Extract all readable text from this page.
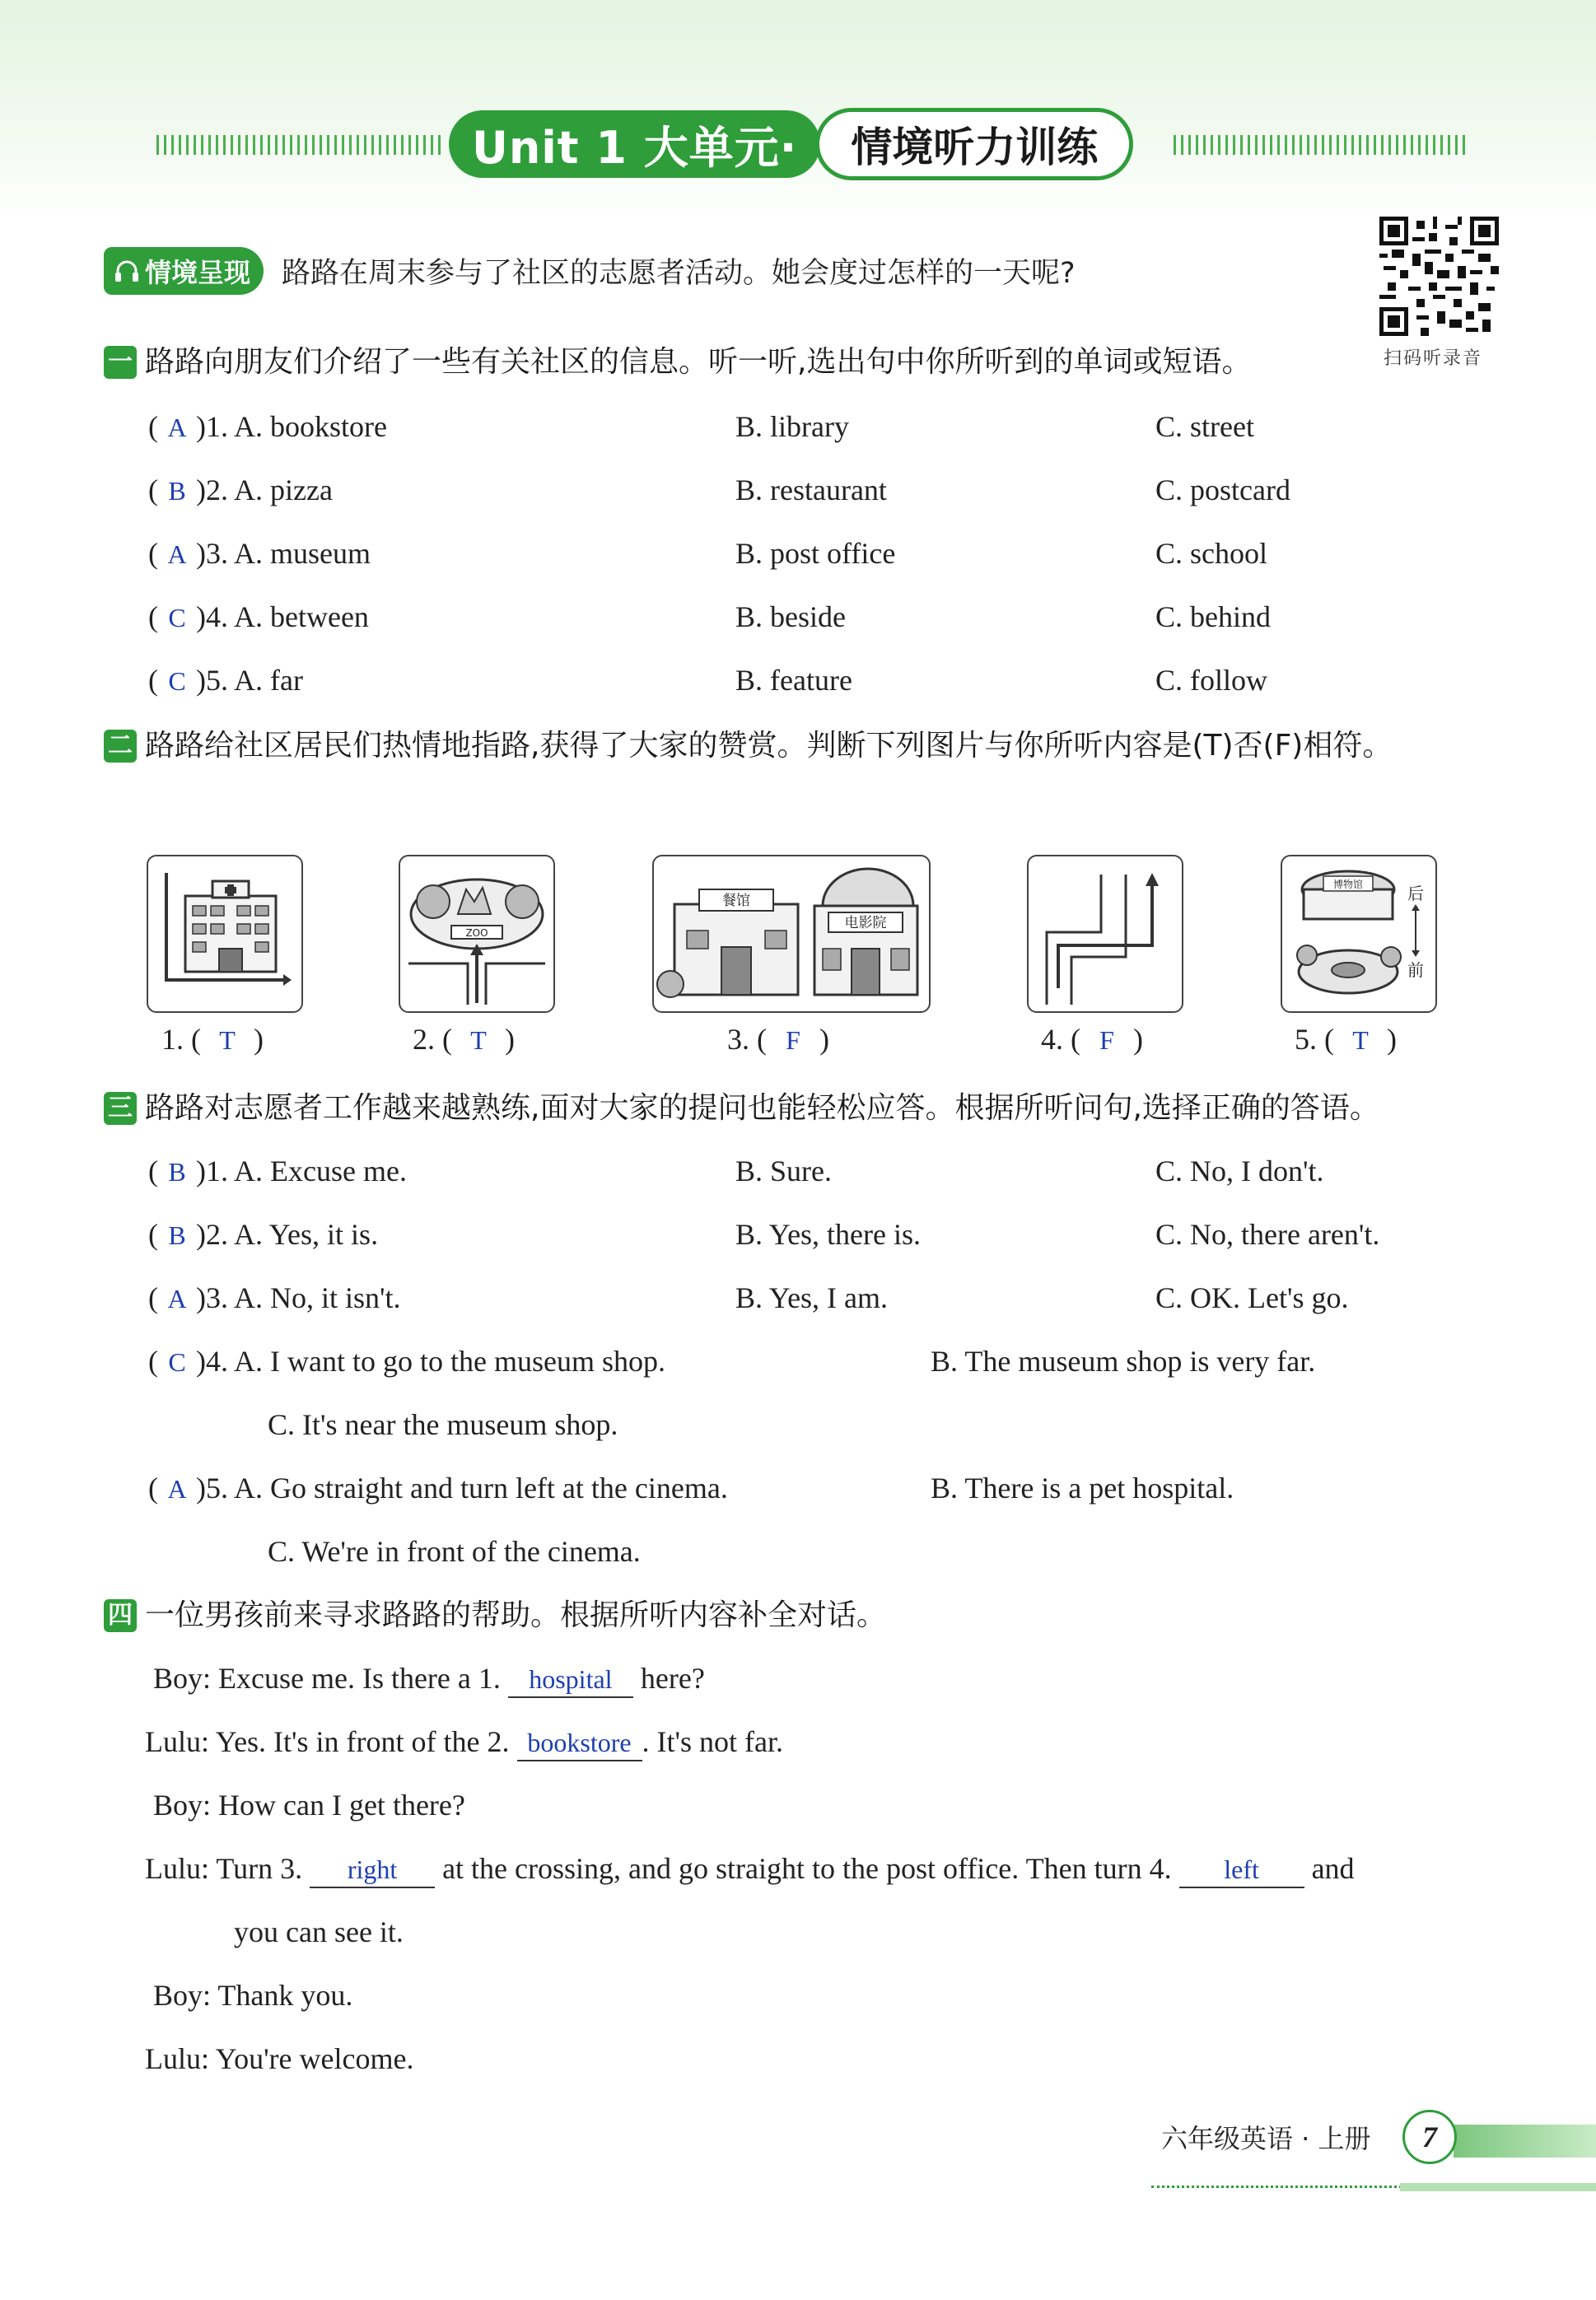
Unit 1 大单元·	情境听力训练
情境呈现 路路在周末参与了社区的志愿者活动。她会度过怎样的一天呢?
扫码听录音
一 路路向朋友们介绍了一些有关社区的信息。听一听,选出句中你所听到的单词或短语。
( A )1. A. bookstore	B. library	C. street
( B )2. A. pizza	B. restaurant	C. postcard
( A )3. A. museum	B. post office	C. school
( C )4. A. between	B. beside	C. behind
( C )5. A. far	B. feature	C. follow
二 路路给社区居民们热情地指路,获得了大家的赞赏。判断下列图片与你所听内容是(T)否(F)相符。
ZOO
餐馆
电影院
博物馆	后
前
1. ( T )	2. ( T )	3. ( F )	4. ( F )	5. ( T )
三 路路对志愿者工作越来越熟练,面对大家的提问也能轻松应答。根据所听问句,选择正确的答语。
( B )1. A. Excuse me.	B. Sure.	C. No, I don't.
( B )2. A. Yes, it is.	B. Yes, there is.	C. No, there aren't.
( A )3. A. No, it isn't.	B. Yes, I am.	C. OK. Let's go.
( C )4. A. I want to go to the museum shop.	B. The museum shop is very far.
C. It's near the museum shop.
( A )5. A. Go straight and turn left at the cinema.	B. There is a pet hospital.
C. We're in front of the cinema.
四 一位男孩前来寻求路路的帮助。根据所听内容补全对话。
Boy: Excuse me. Is there a 1. hospital here?
Lulu: Yes. It's in front of the 2. bookstore . It's not far.
Boy: How can I get there?
Lulu: Turn 3. right at the crossing, and go straight to the post office. Then turn 4. left and
you can see it.
Boy: Thank you.
Lulu: You're welcome.
六年级英语 · 上册	7
